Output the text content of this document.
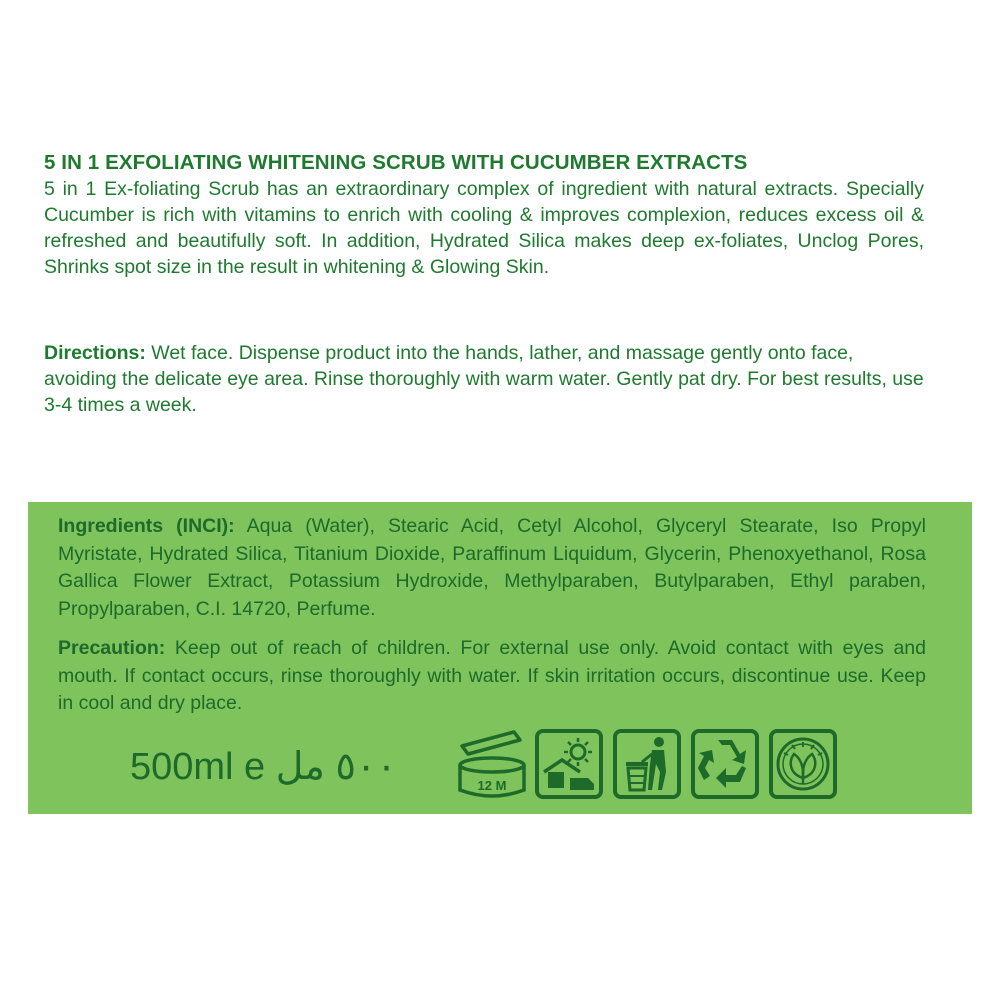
5 IN 1 EXFOLIATING WHITENING SCRUB WITH CUCUMBER EXTRACTS

5 in 1 Ex-foliating Scrub has an extraordinary complex of ingredient with natural extracts. Specially Cucumber is rich with vitamins to enrich with cooling & improves complexion, reduces excess oil & refreshed and beautifully soft. In addition, Hydrated Silica makes deep ex-foliates, Unclog Pores, Shrinks spot size in the result in whitening & Glowing Skin.

Directions: Wet face. Dispense product into the hands, lather, and massage gently onto face, avoiding the delicate eye area. Rinse thoroughly with warm water. Gently pat dry. For best results, use 3-4 times a week.
Ingredients (INCI): Aqua (Water), Stearic Acid, Cetyl Alcohol, Glyceryl Stearate, Iso Propyl Myristate, Hydrated Silica, Titanium Dioxide, Paraffinum Liquidum, Glycerin, Phenoxyethanol, Rosa Gallica Flower Extract, Potassium Hydroxide, Methylparaben, Butylparaben, Ethyl paraben, Propylparaben, C.I. 14720, Perfume.
Precaution: Keep out of reach of children. For external use only. Avoid contact with eyes and mouth. If contact occurs, rinse thoroughly with water. If skin irritation occurs, discontinue use. Keep in cool and dry place.
500ml e ٥٠٠ مل	12 M
